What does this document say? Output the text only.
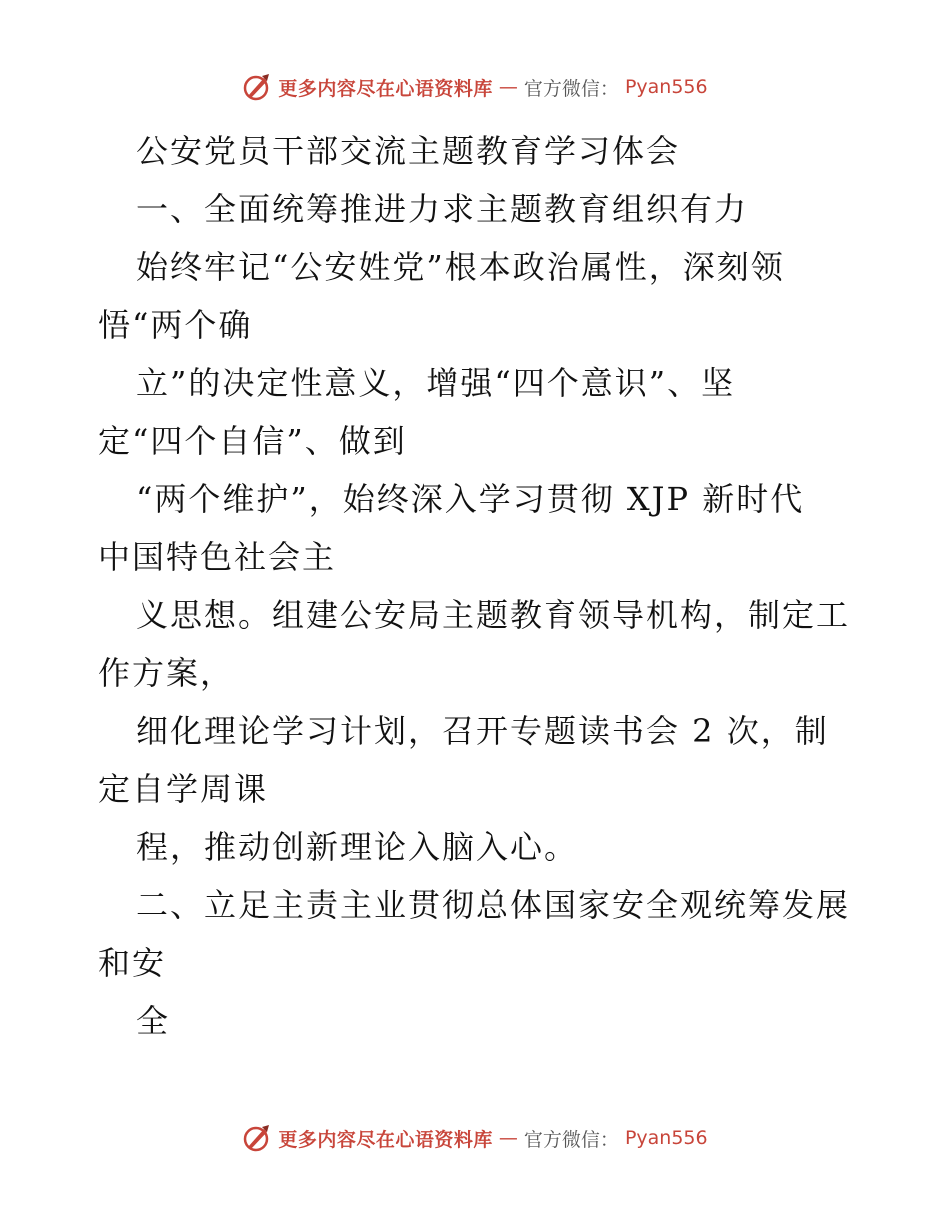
更多内容尽在心语资料库 — 官方微信： Pyan556
公安党员干部交流主题教育学习体会
一、全面统筹推进力求主题教育组织有力
始终牢记“公安姓党”根本政治属性，深刻领
悟“两个确
立”的决定性意义，增强“四个意识”、坚
定“四个自信”、做到
“两个维护”，始终深入学习贯彻 XJP 新时代
中国特色社会主
义思想。组建公安局主题教育领导机构，制定工
作方案，
细化理论学习计划，召开专题读书会 2 次，制
定自学周课
程，推动创新理论入脑入心。
二、立足主责主业贯彻总体国家安全观统筹发展
和安
全
更多内容尽在心语资料库 — 官方微信： Pyan556
